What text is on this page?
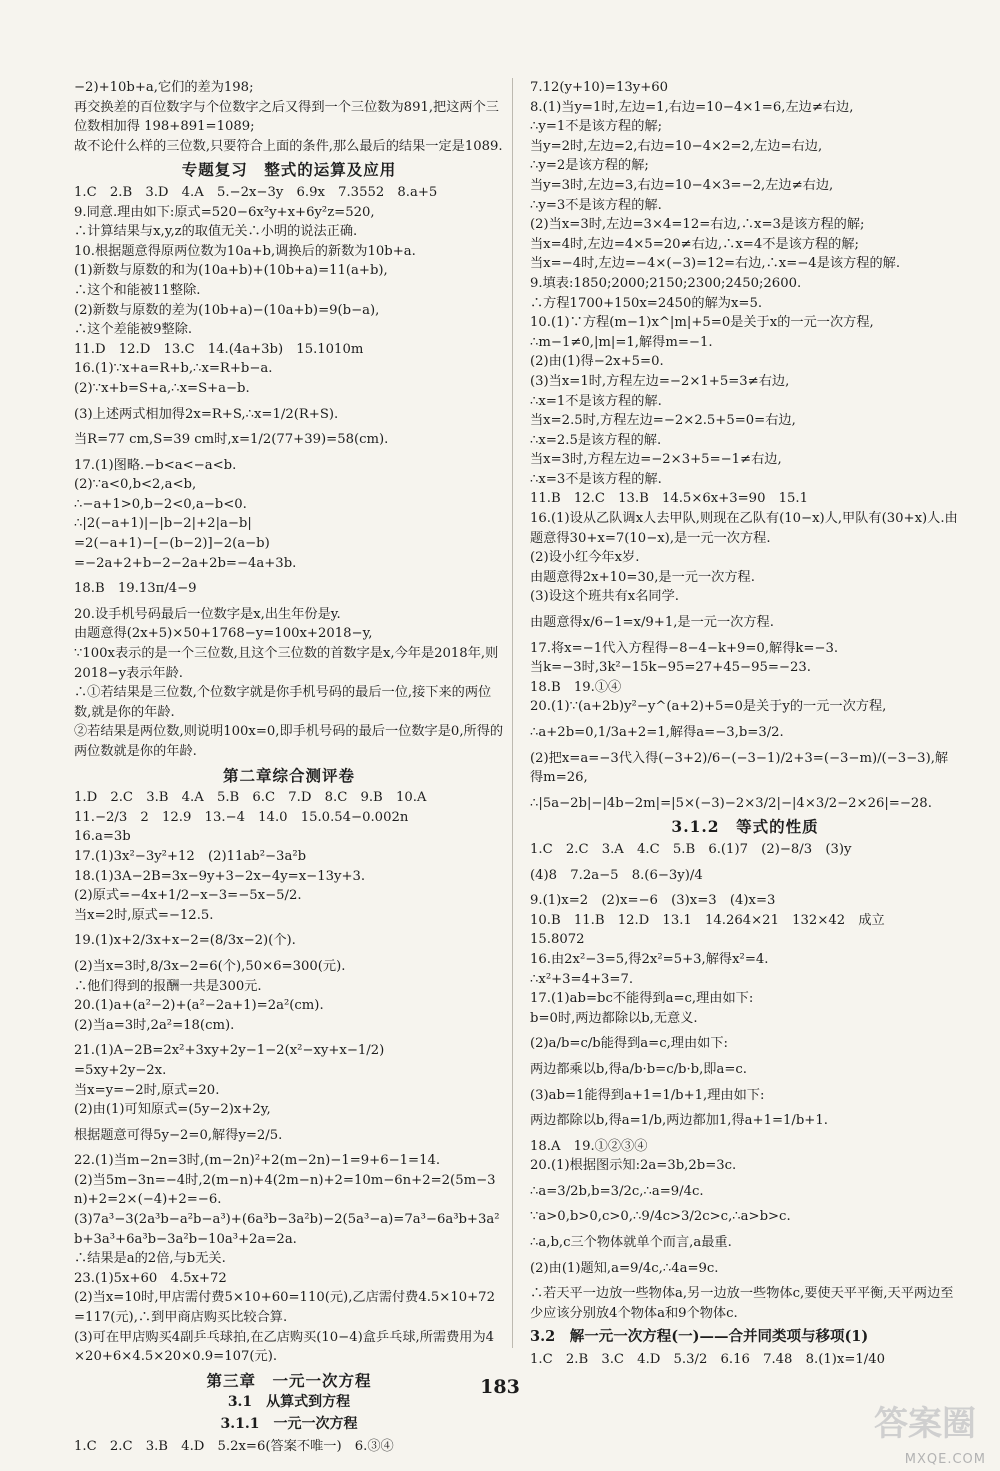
−2)+10b+a,它们的差为198;

再交换差的百位数字与个位数字之后又得到一个三位数为891,把这两个三位数相加得 198+891=1089;

故不论什么样的三位数,只要符合上面的条件,那么最后的结果一定是1089.

专题复习　整式的运算及应用

1.C　2.B　3.D　4.A　5.−2x−3y　6.9x　7.3552　8.a+5

9.同意.理由如下:原式=520−6x²y+x+6y²z=520,

∴计算结果与x,y,z的取值无关∴小明的说法正确.

10.根据题意得原两位数为10a+b,调换后的新数为10b+a.

(1)新数与原数的和为(10a+b)+(10b+a)=11(a+b),

∴这个和能被11整除.

(2)新数与原数的差为(10b+a)−(10a+b)=9(b−a),

∴这个差能被9整除.

11.D　12.D　13.C　14.(4a+3b)　15.1010m

16.(1)∵x+a=R+b,∴x=R+b−a.

(2)∵x+b=S+a,∴x=S+a−b.

(3)上述两式相加得2x=R+S,∴x=1/2(R+S).

当R=77 cm,S=39 cm时,x=1/2(77+39)=58(cm).

17.(1)图略.−b<a<−a<b.

(2)∵a<0,b<2,a<b,

∴−a+1>0,b−2<0,a−b<0.

∴|2(−a+1)|−|b−2|+2|a−b|

=2(−a+1)−[−(b−2)]−2(a−b)

=−2a+2+b−2−2a+2b=−4a+3b.

18.B　19.13π/4−9

20.设手机号码最后一位数字是x,出生年份是y.

由题意得(2x+5)×50+1768−y=100x+2018−y,

∵100x表示的是一个三位数,且这个三位数的首数字是x,今年是2018年,则2018−y表示年龄.

∴①若结果是三位数,个位数字就是你手机号码的最后一位,接下来的两位数,就是你的年龄.

②若结果是两位数,则说明100x=0,即手机号码的最后一位数字是0,所得的两位数就是你的年龄.

第二章综合测评卷

1.D　2.C　3.B　4.A　5.B　6.C　7.D　8.C　9.B　10.A

11.−2/3　2　12.9　13.−4　14.0　15.0.54−0.002n

16.a=3b

17.(1)3x²−3y²+12　(2)11ab²−3a²b

18.(1)3A−2B=3x−9y+3−2x−4y=x−13y+3.

(2)原式=−4x+1/2−x−3=−5x−5/2.

当x=2时,原式=−12.5.

19.(1)x+2/3x+x−2=(8/3x−2)(个).

(2)当x=3时,8/3x−2=6(个),50×6=300(元).

∴他们得到的报酬一共是300元.

20.(1)a+(a²−2)+(a²−2a+1)=2a²(cm).

(2)当a=3时,2a²=18(cm).

21.(1)A−2B=2x²+3xy+2y−1−2(x²−xy+x−1/2)

=5xy+2y−2x.

当x=y=−2时,原式=20.

(2)由(1)可知原式=(5y−2)x+2y,

根据题意可得5y−2=0,解得y=2/5.

22.(1)当m−2n=3时,(m−2n)²+2(m−2n)−1=9+6−1=14.

(2)当5m−3n=−4时,2(m−n)+4(2m−n)+2=10m−6n+2=2(5m−3n)+2=2×(−4)+2=−6.

(3)7a³−3(2a³b−a²b−a³)+(6a³b−3a²b)−2(5a³−a)=7a³−6a³b+3a²b+3a³+6a³b−3a²b−10a³+2a=2a.

∴结果是a的2倍,与b无关.

23.(1)5x+60　4.5x+72

(2)当x=10时,甲店需付费5×10+60=110(元),乙店需付费4.5×10+72=117(元),∴到甲商店购买比较合算.

(3)可在甲店购买4副乒乓球拍,在乙店购买(10−4)盒乒乓球,所需费用为4×20+6×4.5×20×0.9=107(元).

第三章　一元一次方程

3.1　从算式到方程

3.1.1　一元一次方程

1.C　2.C　3.B　4.D　5.2x=6(答案不唯一)　6.③④

7.12(y+10)=13y+60

8.(1)当y=1时,左边=1,右边=10−4×1=6,左边≠右边,

∴y=1不是该方程的解;

当y=2时,左边=2,右边=10−4×2=2,左边=右边,

∴y=2是该方程的解;

当y=3时,左边=3,右边=10−4×3=−2,左边≠右边,

∴y=3不是该方程的解.

(2)当x=3时,左边=3×4=12=右边,∴x=3是该方程的解;

当x=4时,左边=4×5=20≠右边,∴x=4不是该方程的解;

当x=−4时,左边=−4×(−3)=12=右边,∴x=−4是该方程的解.

9.填表:1850;2000;2150;2300;2450;2600.

∴方程1700+150x=2450的解为x=5.

10.(1)∵方程(m−1)x^|m|+5=0是关于x的一元一次方程,

∴m−1≠0,|m|=1,解得m=−1.

(2)由(1)得−2x+5=0.

(3)当x=1时,方程左边=−2×1+5=3≠右边,

∴x=1不是该方程的解.

当x=2.5时,方程左边=−2×2.5+5=0=右边,

∴x=2.5是该方程的解.

当x=3时,方程左边=−2×3+5=−1≠右边,

∴x=3不是该方程的解.

11.B　12.C　13.B　14.5×6x+3=90　15.1

16.(1)设从乙队调x人去甲队,则现在乙队有(10−x)人,甲队有(30+x)人.由题意得30+x=7(10−x),是一元一次方程.

(2)设小红今年x岁.

由题意得2x+10=30,是一元一次方程.

(3)设这个班共有x名同学.

由题意得x/6−1=x/9+1,是一元一次方程.

17.将x=−1代入方程得−8−4−k+9=0,解得k=−3.

当k=−3时,3k²−15k−95=27+45−95=−23.

18.B　19.①④

20.(1)∵(a+2b)y²−y^(a+2)+5=0是关于y的一元一次方程,

∴a+2b=0,1/3a+2=1,解得a=−3,b=3/2.

(2)把x=a=−3代入得(−3+2)/6−(−3−1)/2+3=(−3−m)/(−3−3),解得m=26,

∴|5a−2b|−|4b−2m|=|5×(−3)−2×3/2|−|4×3/2−2×26|=−28.

3.1.2　等式的性质

1.C　2.C　3.A　4.C　5.B　6.(1)7　(2)−8/3　(3)y

(4)8　7.2a−5　8.(6−3y)/4

9.(1)x=2　(2)x=−6　(3)x=3　(4)x=3

10.B　11.B　12.D　13.1　14.264×21　132×42　成立

15.8072

16.由2x²−3=5,得2x²=5+3,解得x²=4.

∴x²+3=4+3=7.

17.(1)ab=bc不能得到a=c,理由如下:

b=0时,两边都除以b,无意义.

(2)a/b=c/b能得到a=c,理由如下:

两边都乘以b,得a/b·b=c/b·b,即a=c.

(3)ab=1能得到a+1=1/b+1,理由如下:

两边都除以b,得a=1/b,两边都加1,得a+1=1/b+1.

18.A　19.①②③④

20.(1)根据图示知:2a=3b,2b=3c.

∴a=3/2b,b=3/2c,∴a=9/4c.

∵a>0,b>0,c>0,∴9/4c>3/2c>c,∴a>b>c.

∴a,b,c三个物体就单个而言,a最重.

(2)由(1)题知,a=9/4c,∴4a=9c.

∴若天平一边放一些物体a,另一边放一些物体c,要使天平平衡,天平两边至少应该分别放4个物体a和9个物体c.

3.2　解一元一次方程(一)——合并同类项与移项(1)

1.C　2.B　3.C　4.D　5.3/2　6.16　7.48　8.(1)x=1/40

183
答案圈
MXQE.COM
